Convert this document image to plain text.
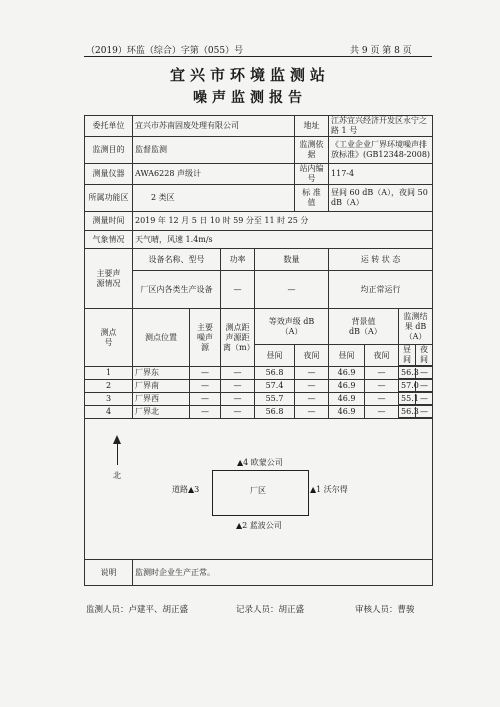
（2019）环监（综合）字第（055）号	共 9 页 第 8 页
宜兴市环境监测站
噪声监测报告
委托单位	宜兴市苏南固废处理有限公司	地址	江苏宜兴经济开发区永宁之路 1 号
监测目的	监督监测	监测依据	《工业企业厂界环境噪声排放标准》(GB12348-2008)
测量仪器	AWA6228 声级计	站内编号	117-4
所属功能区	2 类区	标 准 值	昼间 60 dB（A），夜间 50 dB（A）
测量时间	2019 年 12 月 5 日 10 时 59 分至 11 时 25 分
气象情况	天气晴，风速 1.4m/s
主要声源情况	设备名称、型号	功率	数量	运 转 状 态
厂区内各类生产设备	—	—	均正常运行
测点号	测点位置	主要噪声源	测点距声源距离（m）	等效声级 dB（A）	背景值 dB（A）	监测结果 dB（A）
昼间	夜间	昼间	夜间	
昼间	夜间

1	厂界东	—	—	56.8	—	46.9	—	56.3	—

2	厂界南	—	—	57.4	—	46.9	—	57.0	—

3	厂界西	—	—	55.7	—	46.9	—	55.1	—

4	厂界北	—	—	56.8	—	46.9	—	56.3	—

说明	监测时企业生产正常。
北
▲4 欧蒙公司
厂区
道路▲3	▲1 沃尔得
▲2 蓝波公司
监测人员：卢建平、胡正盛	记录人员：胡正盛	审核人员：曹骏
